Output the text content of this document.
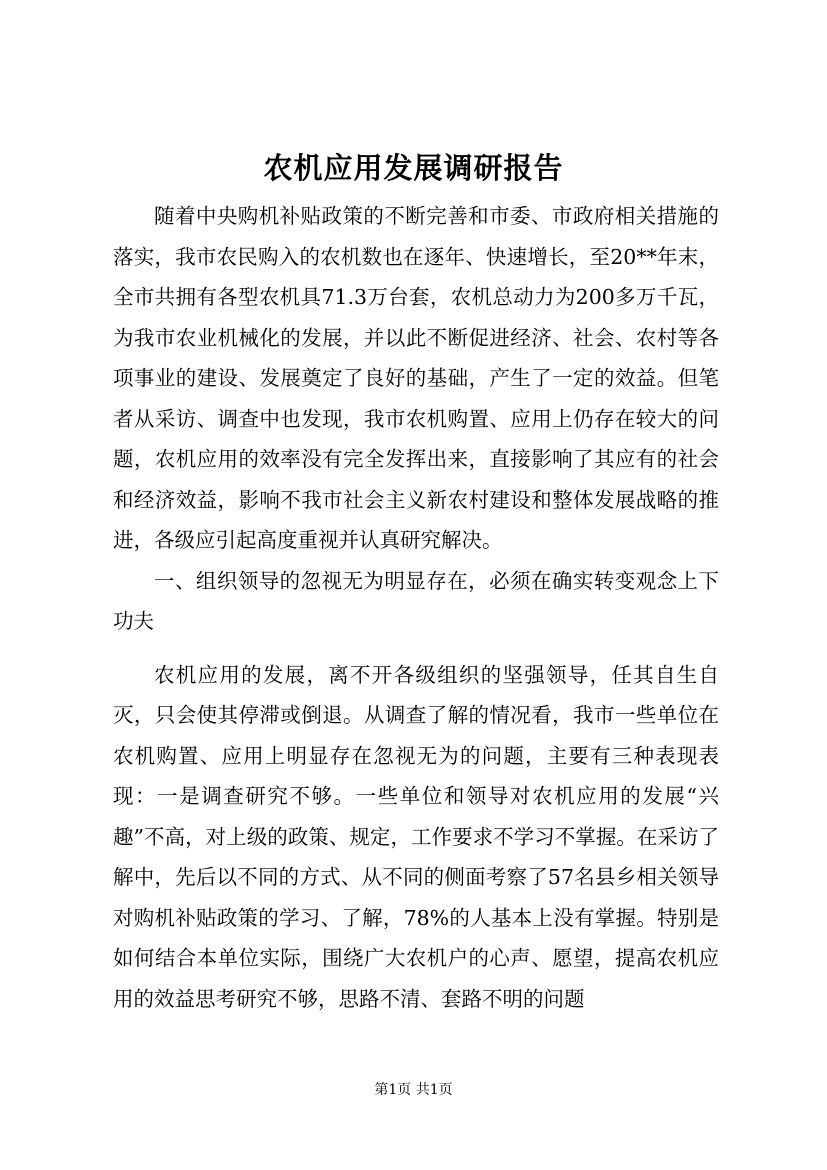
农机应用发展调研报告

随着中央购机补贴政策的不断完善和市委、市政府相关措施的落实，我市农民购入的农机数也在逐年、快速增长，至20**年末，全市共拥有各型农机具71.3万台套，农机总动力为200多万千瓦，为我市农业机械化的发展，并以此不断促进经济、社会、农村等各项事业的建设、发展奠定了良好的基础，产生了一定的效益。但笔者从采访、调查中也发现，我市农机购置、应用上仍存在较大的问题，农机应用的效率没有完全发挥出来，直接影响了其应有的社会和经济效益，影响不我市社会主义新农村建设和整体发展战略的推进，各级应引起高度重视并认真研究解决。

一、组织领导的忽视无为明显存在，必须在确实转变观念上下功夫

农机应用的发展，离不开各级组织的坚强领导，任其自生自灭，只会使其停滞或倒退。从调查了解的情况看，我市一些单位在农机购置、应用上明显存在忽视无为的问题，主要有三种表现表现：一是调查研究不够。一些单位和领导对农机应用的发展“兴趣”不高，对上级的政策、规定，工作要求不学习不掌握。在采访了解中，先后以不同的方式、从不同的侧面考察了57名县乡相关领导对购机补贴政策的学习、了解，78%的人基本上没有掌握。特别是如何结合本单位实际，围绕广大农机户的心声、愿望，提高农机应用的效益思考研究不够，思路不清、套路不明的问题

第1页 共1页
